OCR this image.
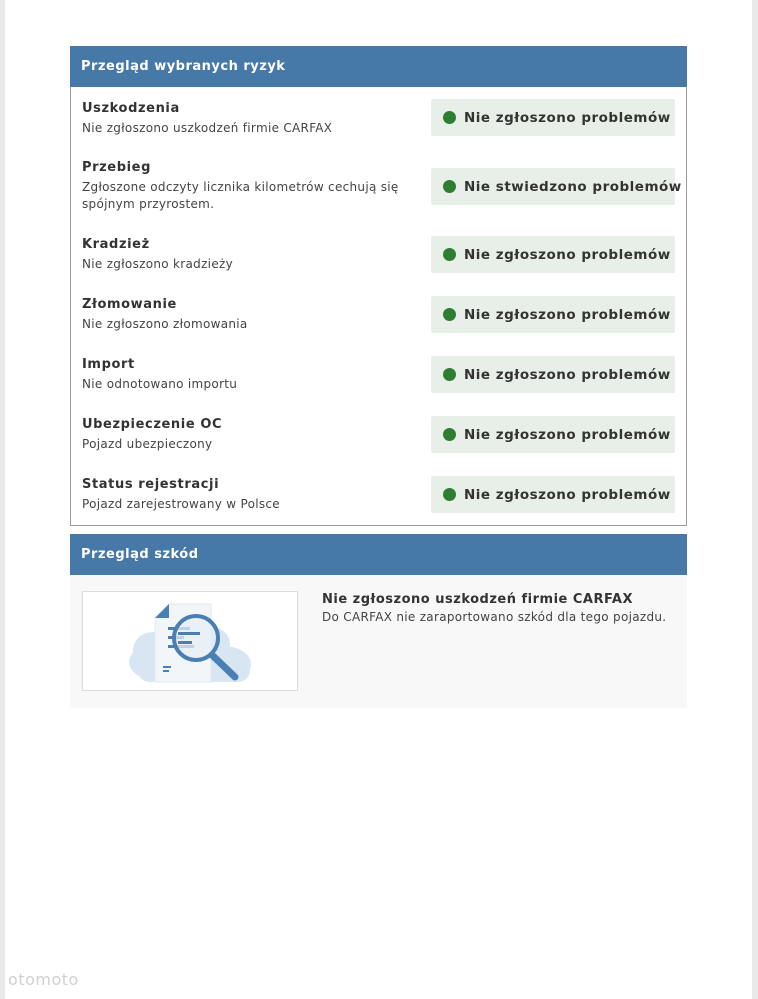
Przegląd wybranych ryzyk
Uszkodzenia
Nie zgłoszono uszkodzeń firmie CARFAX
Nie zgłoszono problemów
Przebieg
Zgłoszone odczyty licznika kilometrów cechują się spójnym przyrostem.
Nie stwiedzono problemów
Kradzież
Nie zgłoszono kradzieży
Nie zgłoszono problemów
Złomowanie
Nie zgłoszono złomowania
Nie zgłoszono problemów
Import
Nie odnotowano importu
Nie zgłoszono problemów
Ubezpieczenie OC
Pojazd ubezpieczony
Nie zgłoszono problemów
Status rejestracji
Pojazd zarejestrowany w Polsce
Nie zgłoszono problemów
Przegląd szkód
Nie zgłoszono uszkodzeń firmie CARFAX
Do CARFAX nie zaraportowano szkód dla tego pojazdu.
otomoto
